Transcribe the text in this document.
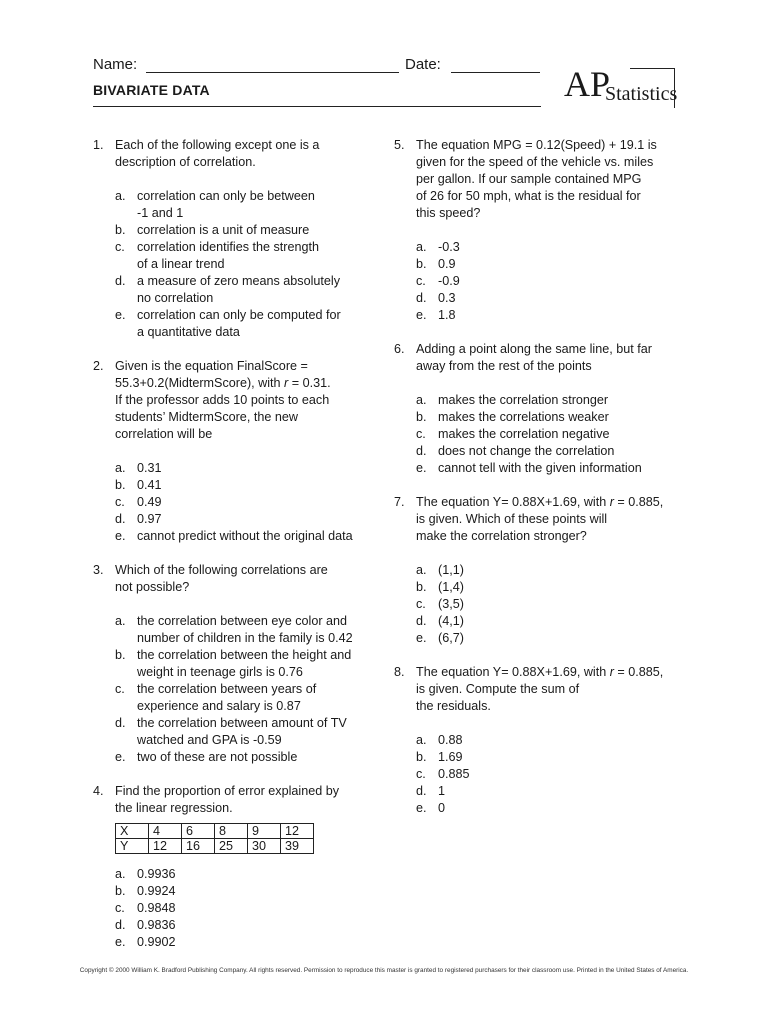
Name:	Date:
BIVARIATE DATA	AP
Statistics
1. Each of the following except one is a
description of correlation.
a. correlation can only be between
-1 and 1
b. correlation is a unit of measure
c. correlation identifies the strength
of a linear trend
d. a measure of zero means absolutely
no correlation
e. correlation can only be computed for
a quantitative data
2. Given is the equation FinalScore =
55.3+0.2(MidtermScore), with r = 0.31.
If the professor adds 10 points to each
students’ MidtermScore, the new
correlation will be
a. 0.31
b. 0.41
c. 0.49
d. 0.97
e. cannot predict without the original data
3. Which of the following correlations are
not possible?
a. the correlation between eye color and
number of children in the family is 0.42
b. the correlation between the height and
weight in teenage girls is 0.76
c. the correlation between years of
experience and salary is 0.87
d. the correlation between amount of TV
watched and GPA is -0.59
e. two of these are not possible
4. Find the proportion of error explained by
the linear regression.
X	4	6	8	9	12
Y	12	16	25	30	39
a. 0.9936
b. 0.9924
c. 0.9848
d. 0.9836
e. 0.9902
5. The equation MPG = 0.12(Speed) + 19.1 is
given for the speed of the vehicle vs. miles
per gallon. If our sample contained MPG
of 26 for 50 mph, what is the residual for
this speed?
a. -0.3
b. 0.9
c. -0.9
d. 0.3
e. 1.8
6. Adding a point along the same line, but far
away from the rest of the points
a. makes the correlation stronger
b. makes the correlations weaker
c. makes the correlation negative
d. does not change the correlation
e. cannot tell with the given information
7. The equation Y= 0.88X+1.69, with r = 0.885,
is given. Which of these points will
make the correlation stronger?
a. (1,1)
b. (1,4)
c. (3,5)
d. (4,1)
e. (6,7)
8. The equation Y= 0.88X+1.69, with r = 0.885,
is given. Compute the sum of
the residuals.
a. 0.88
b. 1.69
c. 0.885
d. 1
e. 0
Copyright © 2000 William K. Bradford Publishing Company. All rights reserved. Permission to reproduce this master is granted to registered purchasers for their classroom use. Printed in the United States of America.
